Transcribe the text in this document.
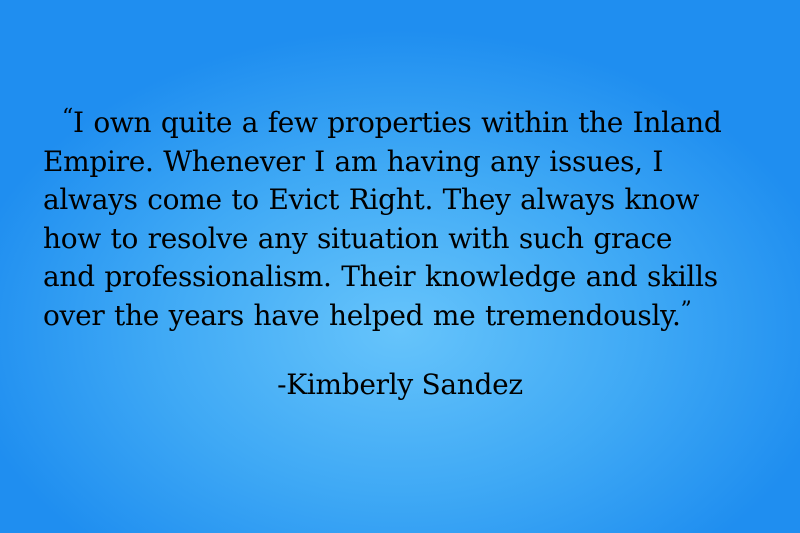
“I own quite a few properties within the Inland
Empire. Whenever I am having any issues, I
always come to Evict Right. They always know
how to resolve any situation with such grace
and professionalism. Their knowledge and skills
over the years have helped me tremendously.”
-Kimberly Sandez
